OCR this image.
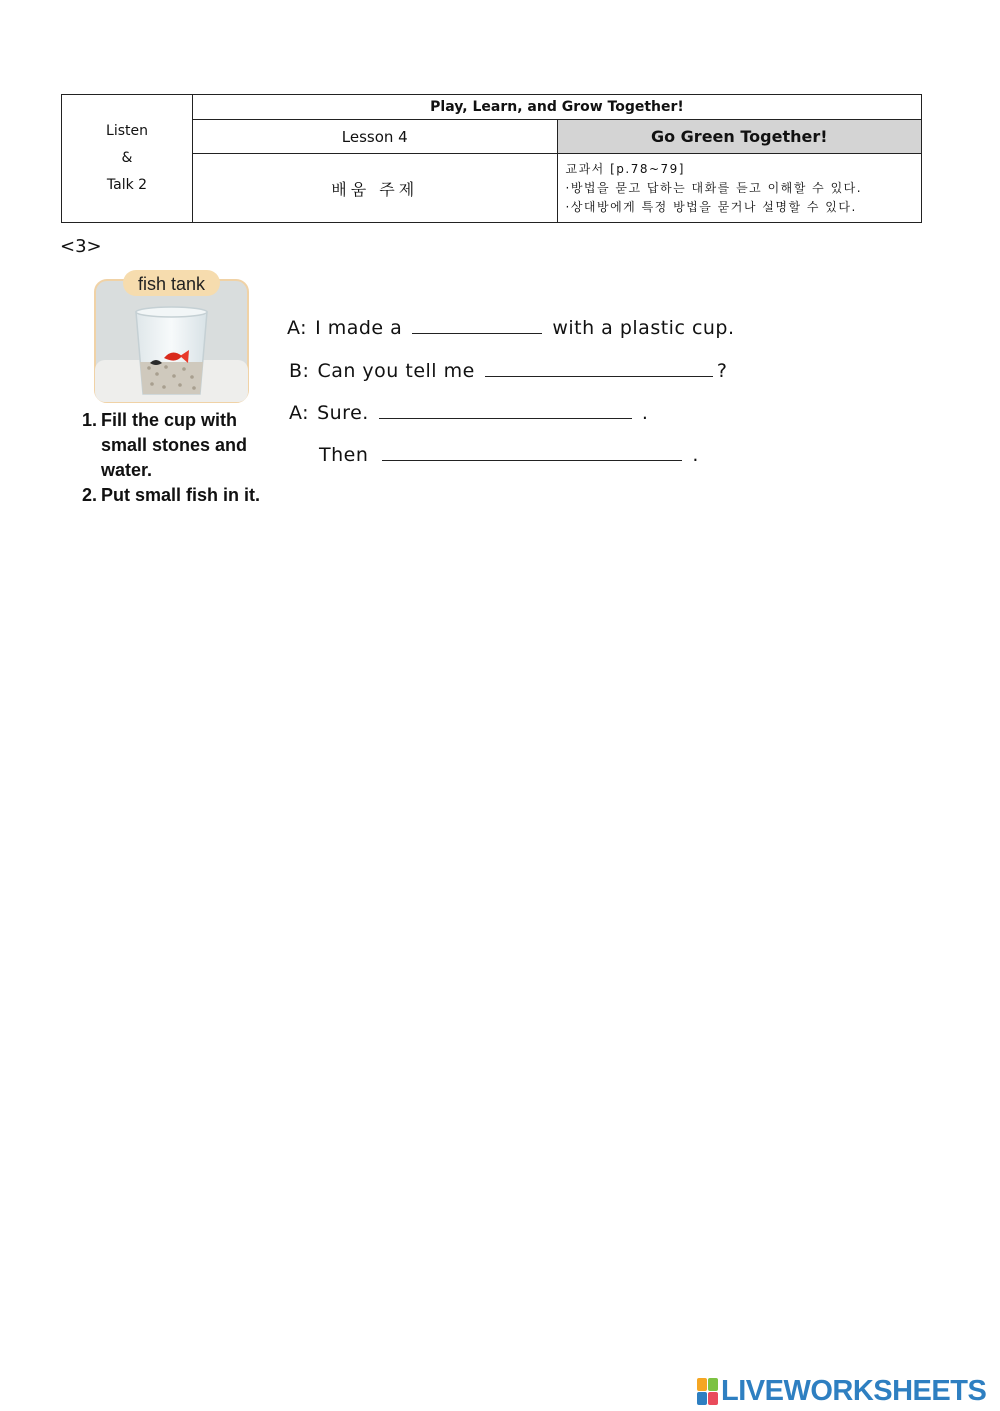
Listen
&
Talk 2	Play, Learn, and Grow Together!	
	Lesson 4	Go Green Together!
	배움 주제	교과서 [p.78~79]
·방법을 묻고 답하는 대화를 듣고 이해할 수 있다.
·상대방에게 특정 방법을 묻거나 설명할 수 있다.
<3>
fish tank
1. Fill the cup with
small stones and
water.
2. Put small fish in it.
A: I made a	with a plastic cup.
B: Can you tell me	?
A: Sure.	.
Then	.
LIVEWORKSHEETS
